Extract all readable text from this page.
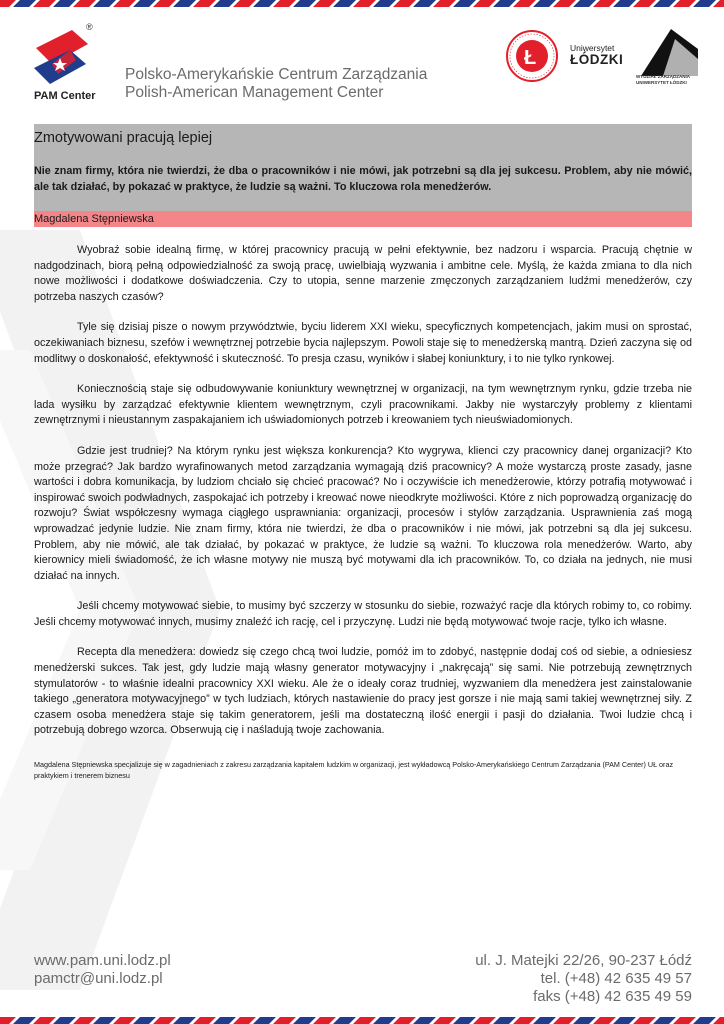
®
PAM Center
Polsko-Amerykańskie Centrum Zarządzania
Polish-American Management Center
Ł	Uniwersytet
ŁÓDZKI
WYDZIAŁ ZARZĄDZANIA UNIWERSYTET ŁÓDZKI
Zmotywowani pracują lepiej

Nie znam firmy, która nie twierdzi, że dba o pracowników i nie mówi, jak potrzebni są dla jej sukcesu. Problem, aby nie mówić, ale tak działać, by pokazać w praktyce, że ludzie są ważni. To kluczowa rola menedżerów.

Magdalena Stępniewska

Wyobraź sobie idealną firmę, w której pracownicy pracują w pełni efektywnie, bez nadzoru i wsparcia. Pracują chętnie w nadgodzinach, biorą pełną odpowiedzialność za swoją pracę, uwielbiają wyzwania i ambitne cele. Myślą, że każda zmiana to dla nich nowe możliwości i dodatkowe doświadczenia. Czy to utopia, senne marzenie zmęczonych zarządzaniem ludźmi menedżerów, czy potrzeba naszych czasów?

Tyle się dzisiaj pisze o nowym przywództwie, byciu liderem XXI wieku, specyficznych kompetencjach, jakim musi on sprostać, oczekiwaniach biznesu, szefów i wewnętrznej potrzebie bycia najlepszym. Powoli staje się to menedżerską mantrą. Dzień zaczyna się od modlitwy o doskonałość, efektywność i skuteczność. To presja czasu, wyników i słabej koniunktury, i to nie tylko rynkowej.

Koniecznością staje się odbudowywanie koniunktury wewnętrznej w organizacji, na tym wewnętrznym rynku, gdzie trzeba nie lada wysiłku by zarządzać efektywnie klientem wewnętrznym, czyli pracownikami. Jakby nie wystarczyły problemy z klientami zewnętrznymi i nieustannym zaspakajaniem ich uświadomionych potrzeb i kreowaniem tych nieuświadomionych.

Gdzie jest trudniej? Na którym rynku jest większa konkurencja? Kto wygrywa, klienci czy pracownicy danej organizacji? Kto może przegrać? Jak bardzo wyrafinowanych metod zarządzania wymagają dziś pracownicy? A może wystarczą proste zasady, jasne wartości i dobra komunikacja, by ludziom chciało się chcieć pracować? No i oczywiście ich menedżerowie, którzy potrafią motywować i inspirować swoich podwładnych, zaspokajać ich potrzeby i kreować nowe nieodkryte możliwości. Które z nich poprowadzą organizację do rozwoju? Świat współczesny wymaga ciągłego usprawniania: organizacji, procesów i stylów zarządzania. Usprawnienia zaś mogą wprowadzać jedynie ludzie. Nie znam firmy, która nie twierdzi, że dba o pracowników i nie mówi, jak potrzebni są dla jej sukcesu. Problem, aby nie mówić, ale tak działać, by pokazać w praktyce, że ludzie są ważni. To kluczowa rola menedżerów. Warto, aby kierownicy mieli świadomość, że ich własne motywy nie muszą być motywami dla ich pracowników. To, co działa na jednych, nie musi działać na innych.

Jeśli chcemy motywować siebie, to musimy być szczerzy w stosunku do siebie, rozważyć racje dla których robimy to, co robimy. Jeśli chcemy motywować innych, musimy znaleźć ich rację, cel i przyczynę. Ludzi nie będą motywować twoje racje, tylko ich własne.

Recepta dla menedżera: dowiedz się czego chcą twoi ludzie, pomóż im to zdobyć, następnie dodaj coś od siebie, a odniesiesz menedżerski sukces. Tak jest, gdy ludzie mają własny generator motywacyjny i „nakręcają” się sami. Nie potrzebują zewnętrznych stymulatorów - to właśnie idealni pracownicy XXI wieku. Ale że o ideały coraz trudniej, wyzwaniem dla menedżera jest zainstalowanie takiego „generatora motywacyjnego” w tych ludziach, których nastawienie do pracy jest gorsze i nie mają sami takiej wewnętrznej siły. Z czasem osoba menedżera staje się takim generatorem, jeśli ma dostateczną ilość energii i pasji do działania. Twoi ludzie chcą i potrzebują dobrego wzorca. Obserwują cię i naśladują twoje zachowania.

Magdalena Stępniewska specjalizuje się w zagadnieniach z zakresu zarządzania kapitałem ludzkim w organizacji, jest wykładowcą Polsko-Amerykańskiego Centrum Zarządzania (PAM Center) UŁ oraz praktykiem i trenerem biznesu

www.pam.uni.lodz.pl
pamctr@uni.lodz.pl
ul. J. Matejki 22/26, 90-237 Łódź
tel. (+48) 42 635 49 57
faks (+48) 42 635 49 59
